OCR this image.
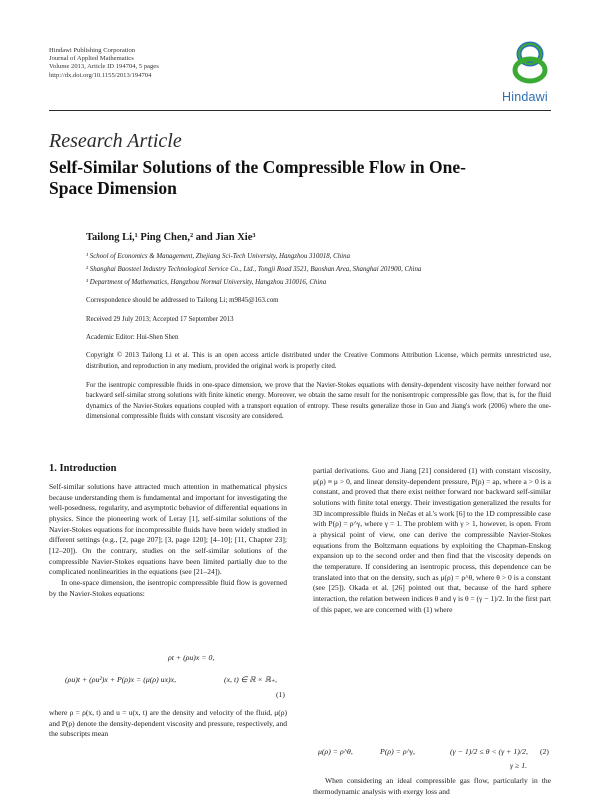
Hindawi Publishing Corporation
Journal of Applied Mathematics
Volume 2013, Article ID 194704, 5 pages
http://dx.doi.org/10.1155/2013/194704
Hindawi
Research Article
Self-Similar Solutions of the Compressible Flow in One-Space Dimension
Tailong Li,¹ Ping Chen,² and Jian Xie³
¹ School of Economics & Management, Zhejiang Sci-Tech University, Hangzhou 310018, China
² Shanghai Baosteel Industry Technological Service Co., Ltd., Tongji Road 3521, Baoshan Area, Shanghai 201900, China
³ Department of Mathematics, Hangzhou Normal University, Hangzhou 310016, China
Correspondence should be addressed to Tailong Li; m9845@163.com
Received 29 July 2013; Accepted 17 September 2013
Academic Editor: Hui-Shen Shen
Copyright © 2013 Tailong Li et al. This is an open access article distributed under the Creative Commons Attribution License, which permits unrestricted use, distribution, and reproduction in any medium, provided the original work is properly cited.
For the isentropic compressible fluids in one-space dimension, we prove that the Navier-Stokes equations with density-dependent viscosity have neither forward nor backward self-similar strong solutions with finite kinetic energy. Moreover, we obtain the same result for the nonisentropic compressible gas flow, that is, for the fluid dynamics of the Navier-Stokes equations coupled with a transport equation of entropy. These results generalize those in Guo and Jiang's work (2006) where the one-dimensional compressible fluids with constant viscosity are considered.
1. Introduction

Self-similar solutions have attracted much attention in mathematical physics because understanding them is fundamental and important for investigating the well-posedness, regularity, and asymptotic behavior of differential equations in physics. Since the pioneering work of Leray [1], self-similar solutions of the Navier-Stokes equations for incompressible fluids have been widely studied in different settings (e.g., [2, page 207]; [3, page 120]; [4–10]; [11, Chapter 23]; [12–20]). On the contrary, studies on the self-similar solutions of the compressible Navier-Stokes equations have been limited partially due to the complicated nonlinearities in the equations (see [21–24]).

In one-space dimension, the isentropic compressible fluid flow is governed by the Navier-Stokes equations:

ρt + (ρu)x = 0,
(ρu)t + (ρu²)x + P(ρ)x = (μ(ρ) ux)x,	(x, t) ∈ ℝ × ℝ₊,
(1)

where ρ = ρ(x, t) and u = u(x, t) are the density and velocity of the fluid, μ(ρ) and P(ρ) denote the density-dependent viscosity and pressure, respectively, and the subscripts mean

partial derivations. Guo and Jiang [21] considered (1) with constant viscosity, μ(ρ) ≡ μ > 0, and linear density-dependent pressure, P(ρ) = aρ, where a > 0 is a constant, and proved that there exist neither forward nor backward self-similar solutions with finite total energy. Their investigation generalized the results for 3D incompressible fluids in Nečas et al.'s work [6] to the 1D compressible case with P(ρ) = ρ^γ, where γ = 1. The problem with γ > 1, however, is open. From a physical point of view, one can derive the compressible Navier-Stokes equations from the Boltzmann equations by exploiting the Chapman-Enskog expansion up to the second order and then find that the viscosity depends on the temperature. If considering an isentropic process, this dependence can be translated into that on the density, such as μ(ρ) = ρ^θ, where θ > 0 is a constant (see [25]). Okada et al. [26] pointed out that, because of the hard sphere interaction, the relation between indices θ and γ is θ = (γ − 1)/2. In the first part of this paper, we are concerned with (1) where

μ(ρ) = ρ^θ,	P(ρ) = ρ^γ,	(γ − 1)/2 ≤ θ < (γ + 1)/2,
γ ≥ 1.
(2)

When considering an ideal compressible gas flow, particularly in the thermodynamic analysis with exergy loss and
